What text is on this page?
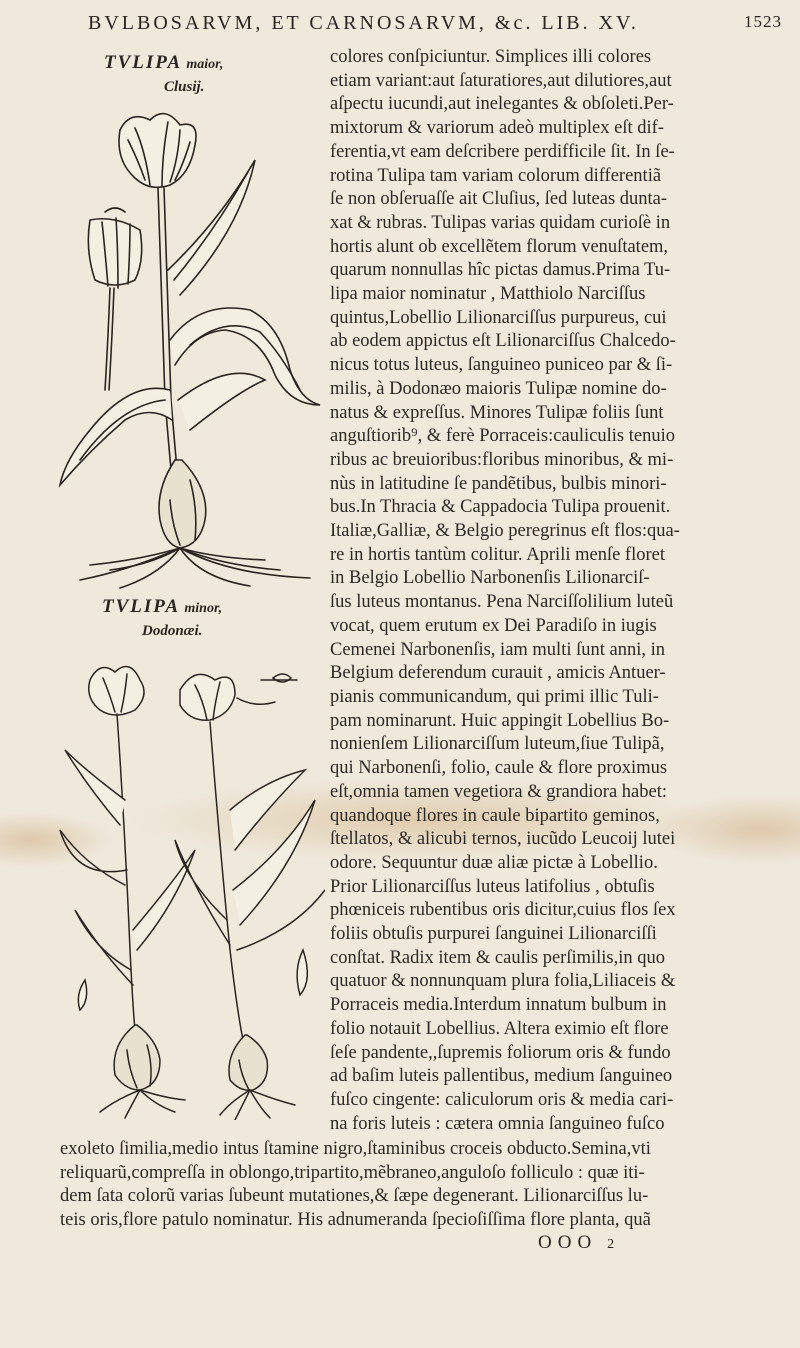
BVLBOSARVM, ET CARNOSARVM, &c. LIB. XV.	1523
TVLIPA maior,
Clusij.
TVLIPA minor,
Dodonæi.
colores conſpiciuntur. Simplices illi colores
etiam variant:aut ſaturatiores,aut dilutiores,aut
aſpectu iucundi,aut inelegantes & obſoleti.Per-
mixtorum & variorum adeò multiplex eſt dif-
ferentia,vt eam deſcribere perdifficile ſit. In ſe-
rotina Tulipa tam variam colorum differentiã
ſe non obſeruaſſe ait Cluſius, ſed luteas dunta-
xat & rubras. Tulipas varias quidam curioſè in
hortis alunt ob excellẽtem florum venuſtatem,
quarum nonnullas hîc pictas damus.Prima Tu-
lipa maior nominatur , Matthiolo Narciſſus
quintus,Lobellio Lilionarciſſus purpureus, cui
ab eodem appictus eſt Lilionarciſſus Chalcedo-
nicus totus luteus, ſanguineo puniceo par & ſi-
milis, à Dodonæo maioris Tulipæ nomine do-
natus & expreſſus. Minores Tulipæ foliis ſunt
anguſtiorib⁹, & ferè Porraceis:cauliculis tenuio
ribus ac breuioribus:floribus minoribus, & mi-
nùs in latitudine ſe pandẽtibus, bulbis minori-
bus.In Thracia & Cappadocia Tulipa prouenit.
Italiæ,Galliæ, & Belgio peregrinus eſt flos:qua-
re in hortis tantùm colitur. Aprili menſe floret
in Belgio Lobellio Narbonenſis Lilionarciſ-
ſus luteus montanus. Pena Narciſſolilium luteũ
vocat, quem erutum ex Dei Paradiſo in iugis
Cemenei Narbonenſis, iam multi ſunt anni, in
Belgium deferendum curauit , amicis Antuer-
pianis communicandum, qui primi illic Tuli-
pam nominarunt. Huic appingit Lobellius Bo-
nonienſem Lilionarciſſum luteum,ſiue Tulipã,
qui Narbonenſi, folio, caule & flore proximus
eſt,omnia tamen vegetiora & grandiora habet:
quandoque flores in caule bipartito geminos,
ſtellatos, & alicubi ternos, iucũdo Leucoij lutei
odore. Sequuntur duæ aliæ pictæ à Lobellio.
Prior Lilionarciſſus luteus latifolius , obtuſis
phœniceis rubentibus oris dicitur,cuius flos ſex
foliis obtuſis purpurei ſanguinei Lilionarciſſi
conſtat. Radix item & caulis perſimilis,in quo
quatuor & nonnunquam plura folia,Liliaceis &
Porraceis media.Interdum innatum bulbum in
folio notauit Lobellius. Altera eximio eſt flore
ſeſe pandente,,ſupremis foliorum oris & fundo
ad baſim luteis pallentibus, medium ſanguineo
fuſco cingente: caliculorum oris & media cari-
na foris luteis : cætera omnia ſanguineo fuſco
exoleto ſimilia,medio intus ſtamine nigro,ſtaminibus croceis obducto.Semina,vti
reliquarũ,compreſſa in oblongo,tripartito,mẽbraneo,anguloſo folliculo : quæ iti-
dem ſata colorũ varias ſubeunt mutationes,& ſæpe degenerant. Lilionarciſſus lu-
teis oris,flore patulo nominatur. His adnumeranda ſpecioſiſſima flore planta, quã
OOO 2
